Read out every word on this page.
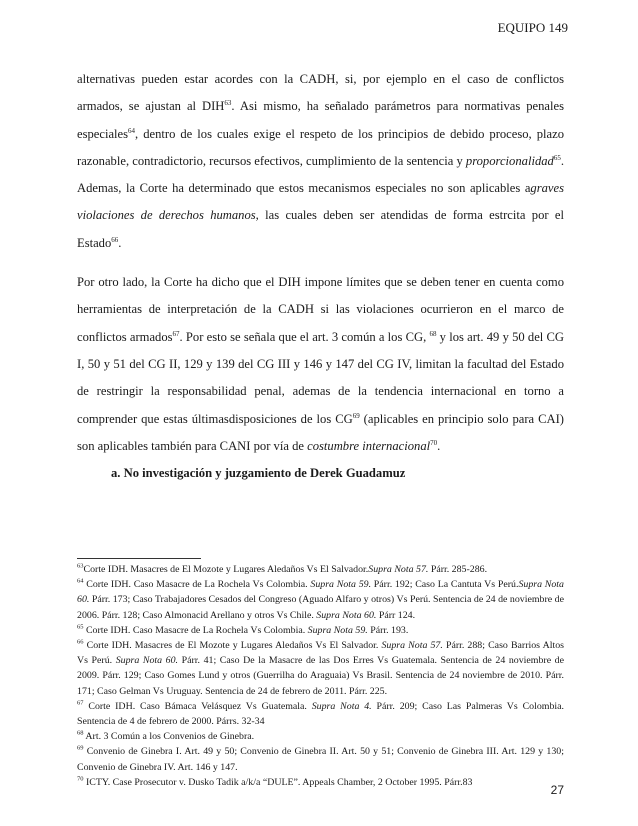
EQUIPO 149

alternativas pueden estar acordes con la CADH, si, por ejemplo en el caso de conflictos armados, se ajustan al DIH$^{63}$. Asi mismo, ha señalado parámetros para normativas penales especiales$^{64}$, dentro de los cuales exige el respeto de los principios de debido proceso, plazo razonable, contradictorio, recursos efectivos, cumplimiento de la sentencia y proporcionalidad$^{65}$. Ademas, la Corte ha determinado que estos mecanismos especiales no son aplicables agraves violaciones de derechos humanos, las cuales deben ser atendidas de forma estrcita por el Estado$^{66}$.

Por otro lado, la Corte ha dicho que el DIH impone límites que se deben tener en cuenta como herramientas de interpretación de la CADH si las violaciones ocurrieron en el marco de conflictos armados$^{67}$. Por esto se señala que el art. 3 común a los CG, $^{68}$ y los art. 49 y 50 del CG I, 50 y 51 del CG II, 129 y 139 del CG III y 146 y 147 del CG IV, limitan la facultad del Estado de restringir la responsabilidad penal, ademas de la tendencia internacional en torno a comprender que estas últimasdisposiciones de los CG$^{69}$ (aplicables en principio solo para CAI) son aplicables también para CANI por vía de costumbre internacional$^{70}$.

a. No investigación y juzgamiento de Derek Guadamuz

$^{63}$Corte IDH. Masacres de El Mozote y Lugares Aledaños Vs El Salvador.Supra Nota 57. Párr. 285-286.

$^{64}$ Corte IDH. Caso Masacre de La Rochela Vs Colombia. Supra Nota 59. Párr. 192; Caso La Cantuta Vs Perú.Supra Nota 60. Párr. 173; Caso Trabajadores Cesados del Congreso (Aguado Alfaro y otros) Vs Perú. Sentencia de 24 de noviembre de 2006. Párr. 128; Caso Almonacid Arellano y otros Vs Chile. Supra Nota 60. Párr 124.

$^{65}$ Corte IDH. Caso Masacre de La Rochela Vs Colombia. Supra Nota 59. Párr. 193.

$^{66}$ Corte IDH. Masacres de El Mozote y Lugares Aledaños Vs El Salvador. Supra Nota 57. Párr. 288; Caso Barrios Altos Vs Perú. Supra Nota 60. Párr. 41; Caso De la Masacre de las Dos Erres Vs Guatemala. Sentencia de 24 noviembre de 2009. Párr. 129; Caso Gomes Lund y otros (Guerrilha do Araguaia) Vs Brasil. Sentencia de 24 noviembre de 2010. Párr. 171; Caso Gelman Vs Uruguay. Sentencia de 24 de febrero de 2011. Párr. 225.

$^{67}$ Corte IDH. Caso Bámaca Velásquez Vs Guatemala. Supra Nota 4. Párr. 209; Caso Las Palmeras Vs Colombia. Sentencia de 4 de febrero de 2000. Párrs. 32-34

$^{68}$ Art. 3 Común a los Convenios de Ginebra.

$^{69}$ Convenio de Ginebra I. Art. 49 y 50; Convenio de Ginebra II. Art. 50 y 51; Convenio de Ginebra III. Art. 129 y 130; Convenio de Ginebra IV. Art. 146 y 147.

$^{70}$ ICTY. Case Prosecutor v. Dusko Tadik a/k/a “DULE”. Appeals Chamber, 2 October 1995. Párr.83

27
